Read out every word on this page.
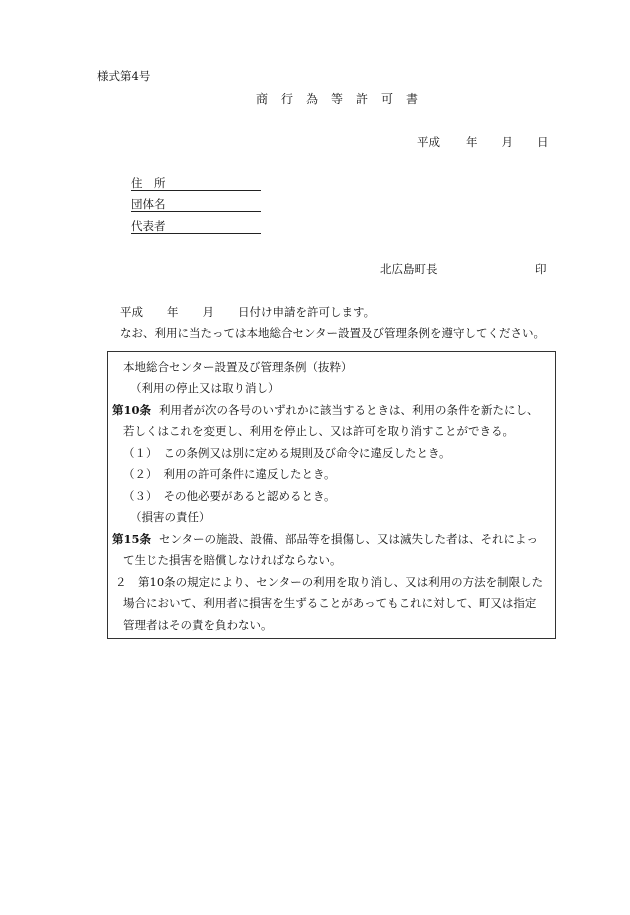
様式第4号
商行為等許可書
平成 年 月 日
住　所
団体名
代表者
北広島町長	印
平成 年 月 日付け申請を許可します。
なお、利用に当たっては本地総合センター設置及び管理条例を遵守してください。
本地総合センター設置及び管理条例（抜粋）
（利用の停止又は取り消し）
第10条 利用者が次の各号のいずれかに該当するときは、利用の条件を新たにし、
若しくはこれを変更し、利用を停止し、又は許可を取り消すことができる。
（１） この条例又は別に定める規則及び命令に違反したとき。
（２） 利用の許可条件に違反したとき。
（３） その他必要があると認めるとき。
（損害の責任）
第15条 センターの施設、設備、部品等を損傷し、又は滅失した者は、それによっ
て生じた損害を賠償しなければならない。
２　第10条の規定により、センターの利用を取り消し、又は利用の方法を制限した
場合において、利用者に損害を生ずることがあってもこれに対して、町又は指定
管理者はその責を負わない。
